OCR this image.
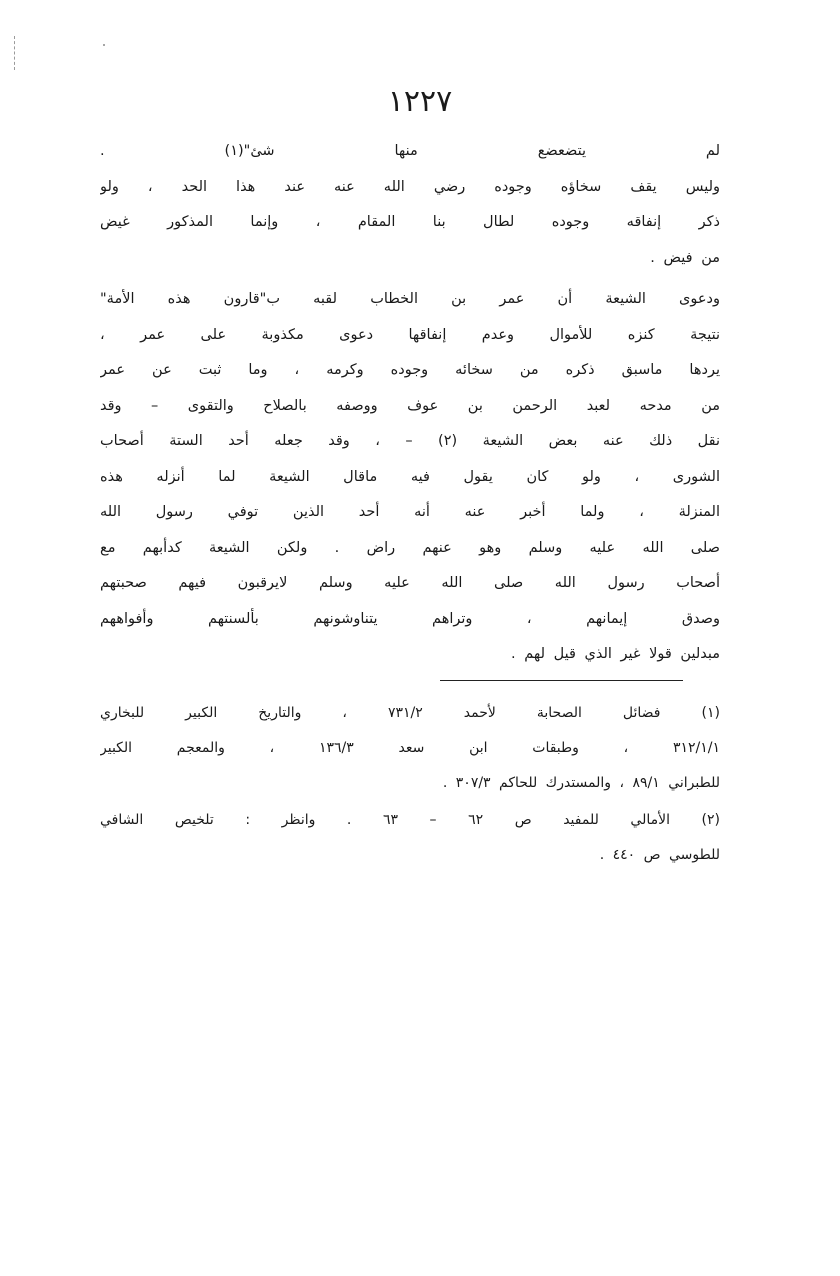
١٢٢٧
لم يتضعضع منها شئ"(١) .
وليس يقف سخاؤه وجوده رضي الله عنه عند هذا الحد ، ولو
ذكر إنفاقه وجوده لطال بنا المقام ، وإنما المذكور غيض
من فيض .
ودعوى الشيعة أن عمر بن الخطاب لقبه ب"قارون هذه الأمة"
نتيجة كنزه للأموال وعدم إنفاقها دعوى مكذوبة على عمر ،
يردها ماسبق ذكره من سخائه وجوده وكرمه ، وما ثبت عن عمر
من مدحه لعبد الرحمن بن عوف ووصفه بالصلاح والتقوى – وقد
نقل ذلك عنه بعض الشيعة (٢) – ، وقد جعله أحد الستة أصحاب
الشورى ، ولو كان يقول فيه ماقال الشيعة لما أنزله هذه
المنزلة ، ولما أخبر عنه أنه أحد الذين توفي رسول الله
صلى الله عليه وسلم وهو عنهم راض . ولكن الشيعة كدأبهم مع
أصحاب رسول الله صلى الله عليه وسلم لايرقبون فيهم صحبتهم
وصدق إيمانهم ، وتراهم يتناوشونهم بألسنتهم وأفواههم
مبدلين قولا غير الذي قيل لهم .
(١) فضائل الصحابة لأحمد ٧٣١/٢ ، والتاريخ الكبير للبخاري
٣١٢/١/١ ، وطبقات ابن سعد ١٣٦/٣ ، والمعجم الكبير
للطبراني ٨٩/١ ، والمستدرك للحاكم ٣٠٧/٣ .
(٢) الأمالي للمفيد ص ٦٢ – ٦٣ . وانظر : تلخيص الشافي
للطوسي ص ٤٤٠ .
